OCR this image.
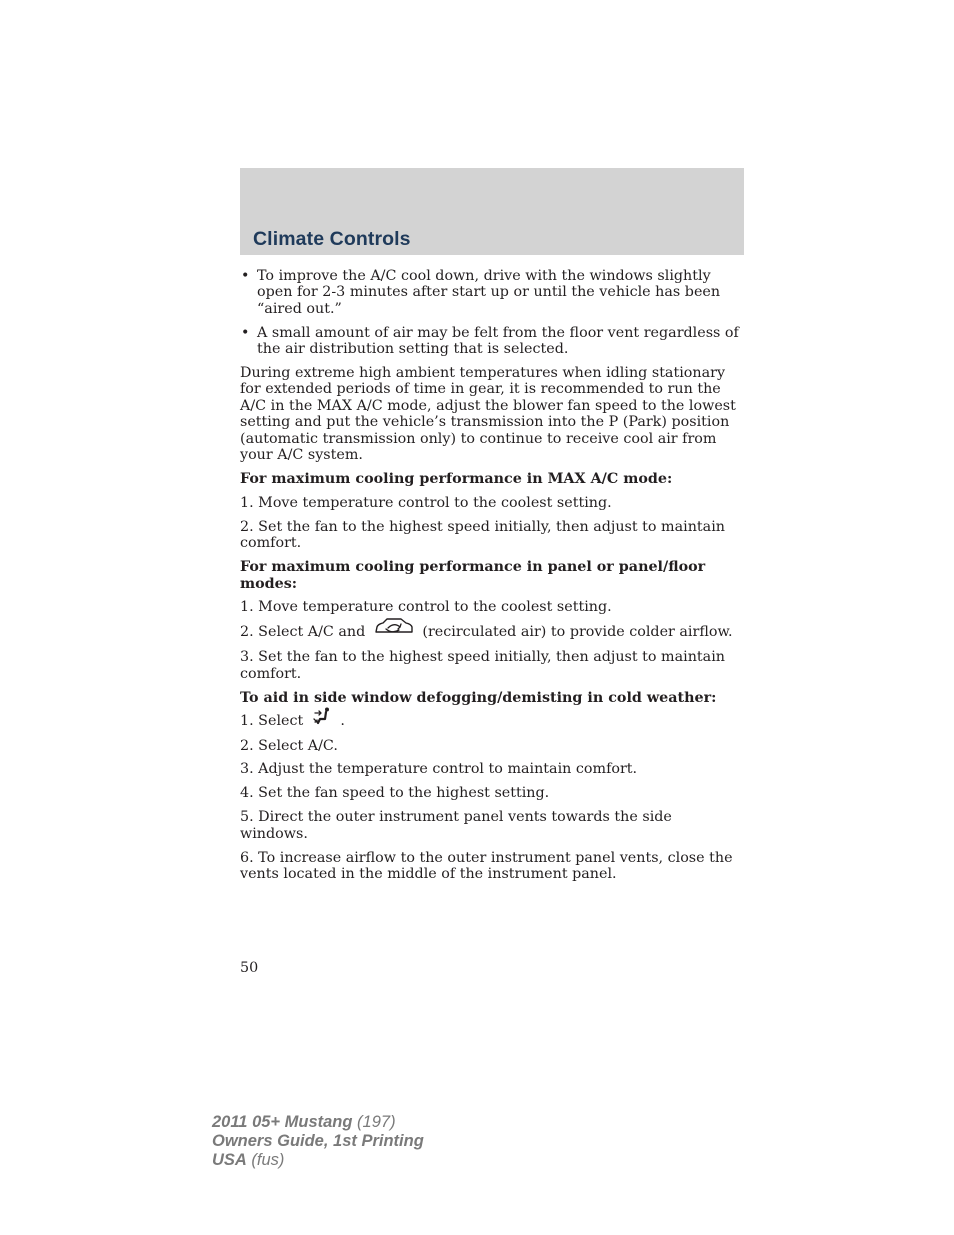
Climate Controls
• To improve the A/C cool down, drive with the windows slightly open for 2-3 minutes after start up or until the vehicle has been “aired out.”
• A small amount of air may be felt from the floor vent regardless of the air distribution setting that is selected.
During extreme high ambient temperatures when idling stationary for extended periods of time in gear, it is recommended to run the A/C in the MAX A/C mode, adjust the blower fan speed to the lowest setting and put the vehicle’s transmission into the P (Park) position (automatic transmission only) to continue to receive cool air from your A/C system.
For maximum cooling performance in MAX A/C mode:
1. Move temperature control to the coolest setting.
2. Set the fan to the highest speed initially, then adjust to maintain comfort.
For maximum cooling performance in panel or panel/floor modes:
1. Move temperature control to the coolest setting.
2. Select A/C and	(recirculated air) to provide colder airflow.
3. Set the fan to the highest speed initially, then adjust to maintain comfort.
To aid in side window defogging/demisting in cold weather:
1. Select	.
2. Select A/C.
3. Adjust the temperature control to maintain comfort.
4. Set the fan speed to the highest setting.
5. Direct the outer instrument panel vents towards the side windows.
6. To increase airflow to the outer instrument panel vents, close the vents located in the middle of the instrument panel.
50
2011 05+ Mustang (197)
Owners Guide, 1st Printing
USA (fus)
